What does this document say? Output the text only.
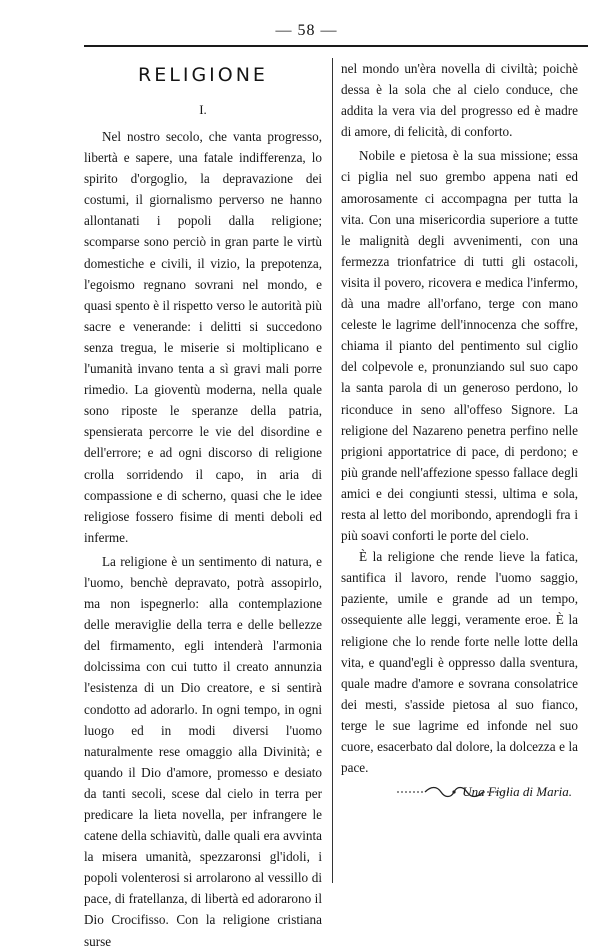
— 58 —
RELIGIONE
I.

Nel nostro secolo, che vanta progresso, libertà e sapere, una fatale indifferenza, lo spirito d'orgoglio, la depravazione dei costumi, il giornalismo perverso ne hanno allontanati i popoli dalla religione; scomparse sono perciò in gran parte le virtù domestiche e civili, il vizio, la prepotenza, l'egoismo regnano sovrani nel mondo, e quasi spento è il rispetto verso le autorità più sacre e venerande: i delitti si succedono senza tregua, le miserie si moltiplicano e l'umanità invano tenta a sì gravi mali porre rimedio. La gioventù moderna, nella quale sono riposte le speranze della patria, spensierata percorre le vie del disordine e dell'errore; e ad ogni discorso di religione crolla sorridendo il capo, in aria di compassione e di scherno, quasi che le idee religiose fossero fisime di menti deboli ed inferme.

La religione è un sentimento di natura, e l'uomo, benchè depravato, potrà assopirlo, ma non ispegnerlo: alla contemplazione delle meraviglie della terra e delle bellezze del firmamento, egli intenderà l'armonia dolcissima con cui tutto il creato annunzia l'esistenza di un Dio creatore, e si sentirà condotto ad adorarlo. In ogni tempo, in ogni luogo ed in modi diversi l'uomo naturalmente rese omaggio alla Divinità; e quando il Dio d'amore, promesso e desiato da tanti secoli, scese dal cielo in terra per predicare la lieta novella, per infrangere le catene della schiavitù, dalle quali era avvinta la misera umanità, spezzaronsi gl'idoli, i popoli volenterosi si arrolarono al vessillo di pace, di fratellanza, di libertà ed adorarono il Dio Crocifisso. Con la religione cristiana surse

nel mondo un'èra novella di civiltà; poichè dessa è la sola che al cielo conduce, che addita la vera via del progresso ed è madre di amore, di felicità, di conforto.

Nobile e pietosa è la sua missione; essa ci piglia nel suo grembo appena nati ed amorosamente ci accompagna per tutta la vita. Con una misericordia superiore a tutte le malignità degli avvenimenti, con una fermezza trionfatrice di tutti gli ostacoli, visita il povero, ricovera e medica l'infermo, dà una madre all'orfano, terge con mano celeste le lagrime dell'innocenza che soffre, chiama il pianto del pentimento sul ciglio del colpevole e, pronunziando sul suo capo la santa parola di un generoso perdono, lo riconduce in seno all'offeso Signore. La religione del Nazareno penetra perfino nelle prigioni apportatrice di pace, di perdono; e più grande nell'affezione spesso fallace degli amici e dei congiunti stessi, ultima e sola, resta al letto del moribondo, aprendogli fra i più soavi conforti le porte del cielo.

È la religione che rende lieve la fatica, santifica il lavoro, rende l'uomo saggio, paziente, umile e grande ad un tempo, ossequiente alle leggi, veramente eroe. È la religione che lo rende forte nelle lotte della vita, e quand'egli è oppresso dalla sventura, quale madre d'amore e sovrana consolatrice dei mesti, s'asside pietosa al suo fianco, terge le sue lagrime ed infonde nel suo cuore, esacerbato dal dolore, la dolcezza e la pace.

Una Figlia di Maria.
